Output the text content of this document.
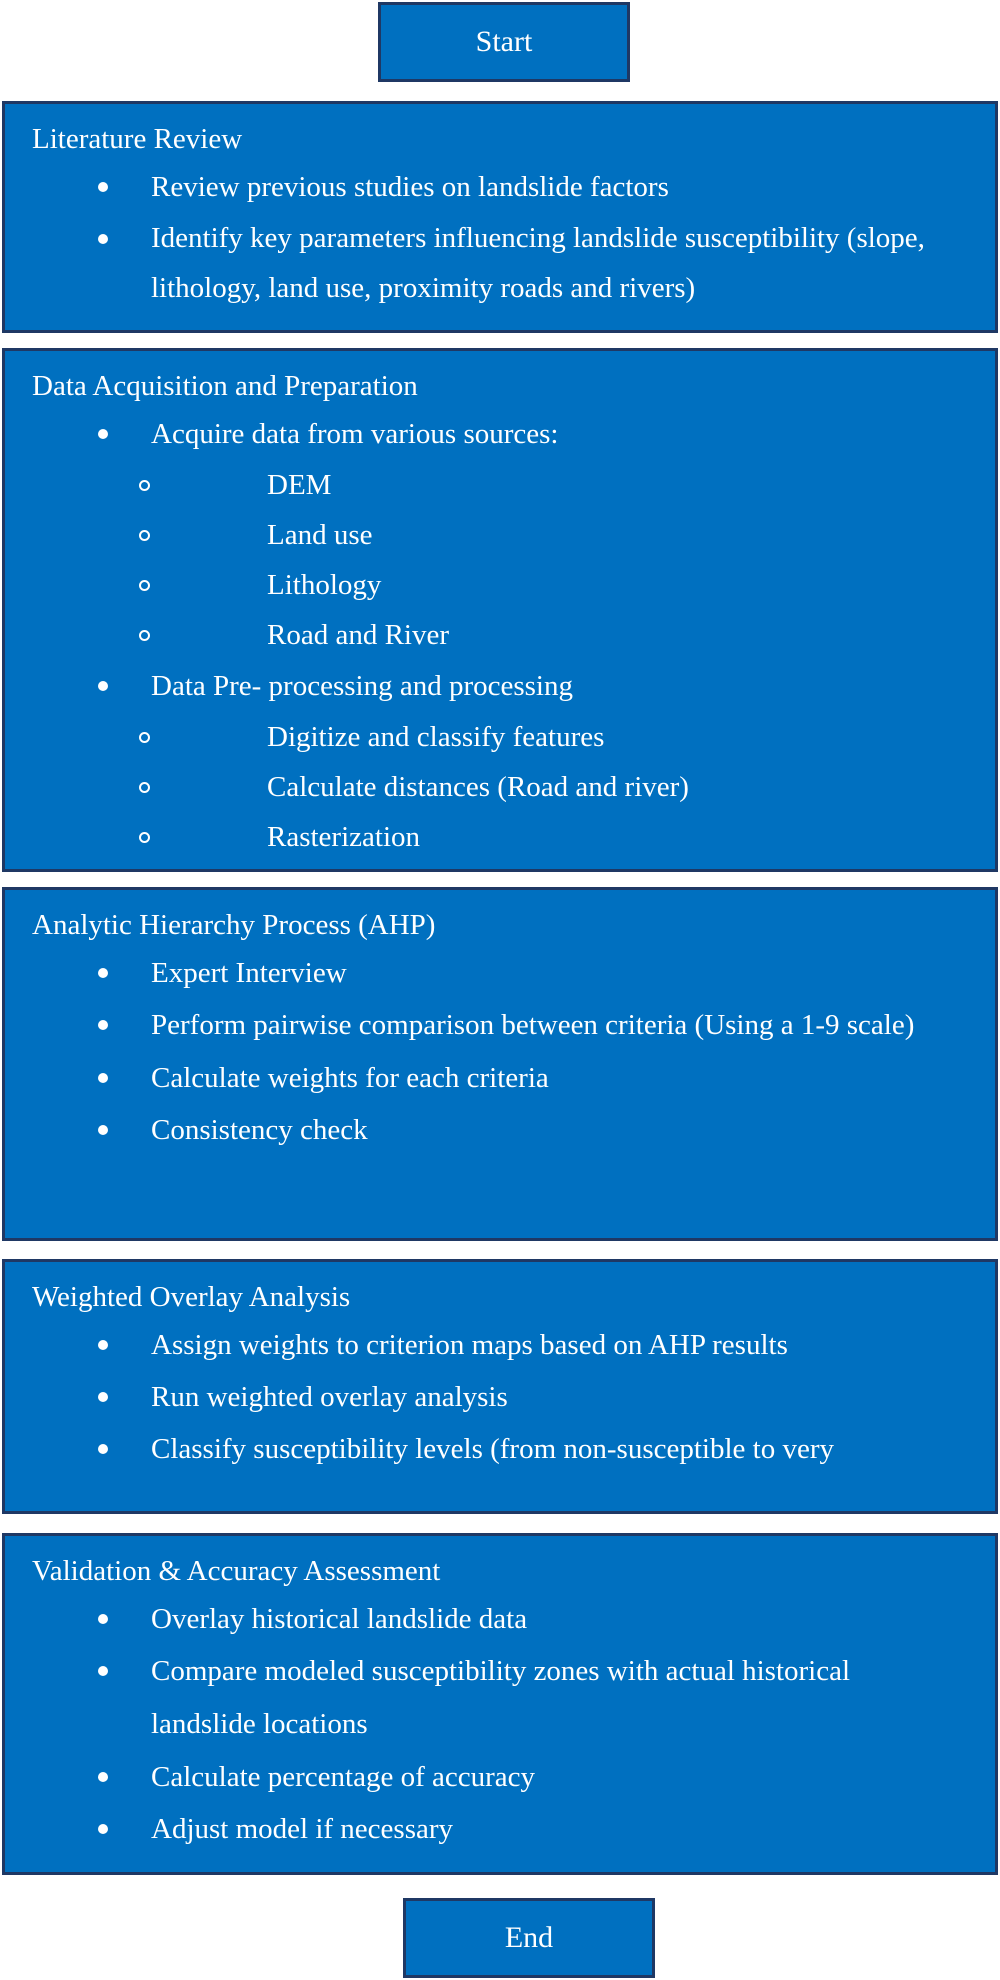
Start
Literature Review
Review previous studies on landslide factors
Identify key parameters influencing landslide susceptibility (slope, lithology, land use, proximity roads and rivers)
Data Acquisition and Preparation
Acquire data from various sources:
DEM
Land use
Lithology
Road and River
Data Pre- processing and processing
Digitize and classify features
Calculate distances (Road and river)
Rasterization
Analytic Hierarchy Process (AHP)
Expert Interview
Perform pairwise comparison between criteria (Using a 1-9 scale)
Calculate weights for each criteria
Consistency check
Weighted Overlay Analysis
Assign weights to criterion maps based on AHP results
Run weighted overlay analysis
Classify susceptibility levels (from non-susceptible to very
Validation & Accuracy Assessment
Overlay historical landslide data
Compare modeled susceptibility zones with actual historical landslide locations
Calculate percentage of accuracy
Adjust model if necessary
End
